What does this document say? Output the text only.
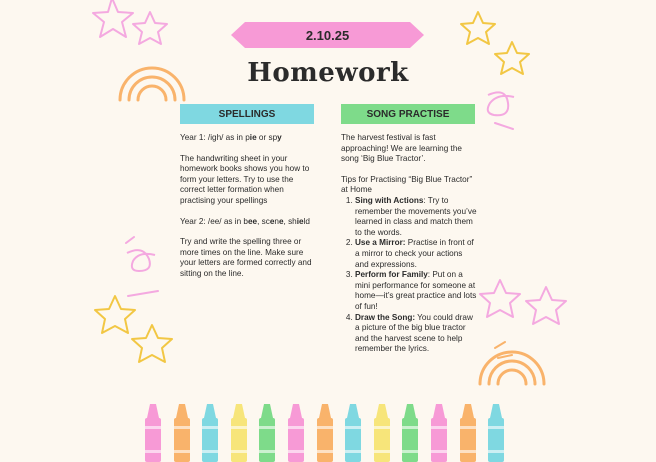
2.10.25
Homework
SPELLINGS	SONG PRACTISE

Year 1: /igh/ as in pie or spy

The handwriting sheet in your homework books shows you how to form your letters. Try to use the correct letter formation when practising your spellings

Year 2: /ee/ as in bee, scene, shield

Try and write the spelling three or more times on the line. Make sure your letters are formed correctly and sitting on the line.

The harvest festival is fast approaching! We are learning the song ‘Big Blue Tractor’.

Tips for Practising “Big Blue Tractor” at Home

1. Sing with Actions: Try to remember the movements you’ve learned in class and match them to the words.
2. Use a Mirror: Practise in front of a mirror to check your actions and expressions.
3. Perform for Family: Put on a mini performance for someone at home—it’s great practice and lots of fun!
4. Draw the Song: You could draw a picture of the big blue tractor and the harvest scene to help remember the lyrics.
